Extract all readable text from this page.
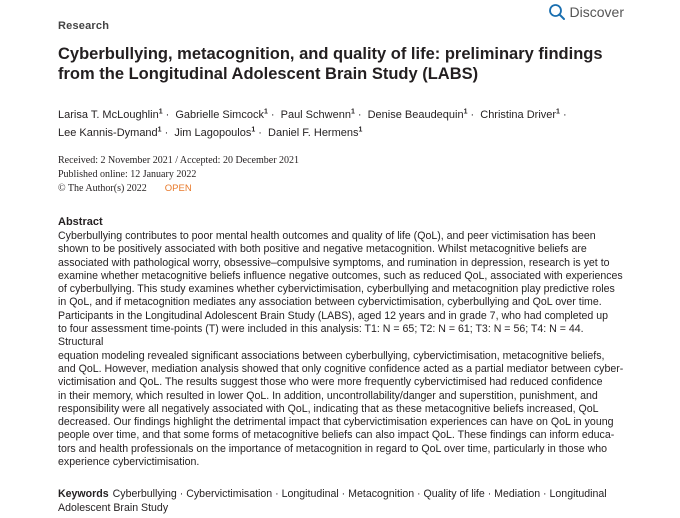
Research
Discover
Cyberbullying, metacognition, and quality of life: preliminary findings from the Longitudinal Adolescent Brain Study (LABS)
Larisa T. McLoughlin$^1$ · Gabrielle Simcock$^1$ · Paul Schwenn$^1$ · Denise Beaudequin$^1$ · Christina Driver$^1$ ·
Lee Kannis-Dymand$^1$ · Jim Lagopoulos$^1$ · Daniel F. Hermens$^1$
Received: 2 November 2021 / Accepted: 20 December 2021
Published online: 12 January 2022
© The Author(s) 2022 OPEN
Abstract
Cyberbullying contributes to poor mental health outcomes and quality of life (QoL), and peer victimisation has been
shown to be positively associated with both positive and negative metacognition. Whilst metacognitive beliefs are
associated with pathological worry, obsessive–compulsive symptoms, and rumination in depression, research is yet to
examine whether metacognitive beliefs influence negative outcomes, such as reduced QoL, associated with experiences
of cyberbullying. This study examines whether cybervictimisation, cyberbullying and metacognition play predictive roles
in QoL, and if metacognition mediates any association between cybervictimisation, cyberbullying and QoL over time.
Participants in the Longitudinal Adolescent Brain Study (LABS), aged 12 years and in grade 7, who had completed up
to four assessment time-points (T) were included in this analysis: T1: N = 65; T2: N = 61; T3: N = 56; T4: N = 44. Structural
equation modeling revealed significant associations between cyberbullying, cybervictimisation, metacognitive beliefs,
and QoL. However, mediation analysis showed that only cognitive confidence acted as a partial mediator between cyber-
victimisation and QoL. The results suggest those who were more frequently cybervictimised had reduced confidence
in their memory, which resulted in lower QoL. In addition, uncontrollability/danger and superstition, punishment, and
responsibility were all negatively associated with QoL, indicating that as these metacognitive beliefs increased, QoL
decreased. Our findings highlight the detrimental impact that cybervictimisation experiences can have on QoL in young
people over time, and that some forms of metacognitive beliefs can also impact QoL. These findings can inform educa-
tors and health professionals on the importance of metacognition in regard to QoL over time, particularly in those who
experience cybervictimisation.
Keywords Cyberbullying · Cybervictimisation · Longitudinal · Metacognition · Quality of life · Mediation · Longitudinal
Adolescent Brain Study
